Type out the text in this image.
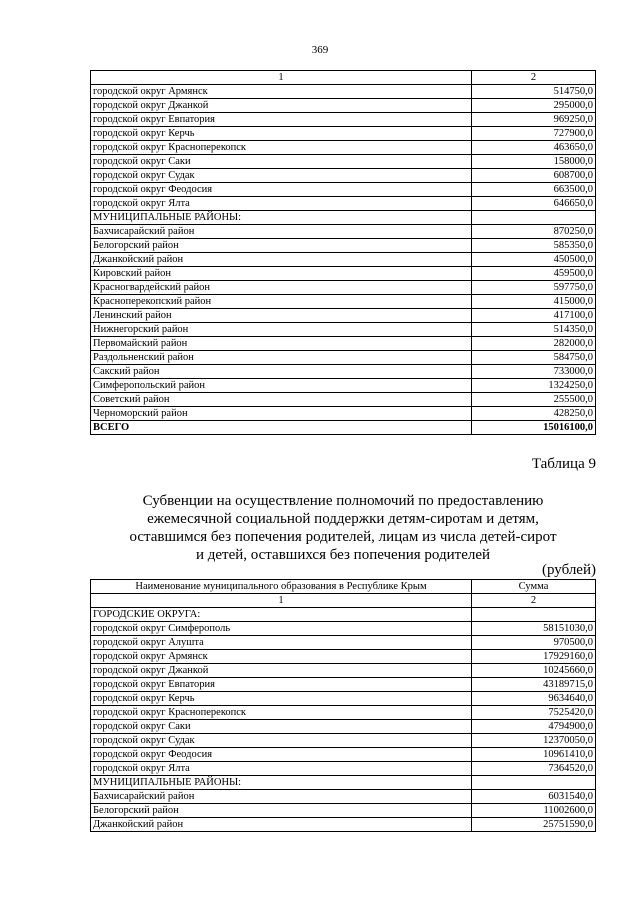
369
1	2
городской округ Армянск	514750,0
городской округ Джанкой	295000,0
городской округ Евпатория	969250,0
городской округ Керчь	727900,0
городской округ Красноперекопск	463650,0
городской округ Саки	158000,0
городской округ Судак	608700,0
городской округ Феодосия	663500,0
городской округ Ялта	646650,0
МУНИЦИПАЛЬНЫЕ РАЙОНЫ:	
Бахчисарайский район	870250,0
Белогорский район	585350,0
Джанкойский район	450500,0
Кировский район	459500,0
Красногвардейский район	597750,0
Красноперекопский район	415000,0
Ленинский район	417100,0
Нижнегорский район	514350,0
Первомайский район	282000,0
Раздольненский район	584750,0
Сакский район	733000,0
Симферопольский район	1324250,0
Советский район	255500,0
Черноморский район	428250,0
ВСЕГО	15016100,0
Таблица 9
Субвенции на осуществление полномочий по предоставлению
ежемесячной социальной поддержки детям-сиротам и детям,
оставшимся без попечения родителей, лицам из числа детей-сирот
и детей, оставшихся без попечения родителей
(рублей)
Наименование муниципального образования в Республике Крым	Сумма
1	2
ГОРОДСКИЕ ОКРУГА:	
городской округ Симферополь	58151030,0
городской округ Алушта	970500,0
городской округ Армянск	17929160,0
городской округ Джанкой	10245660,0
городской округ Евпатория	43189715,0
городской округ Керчь	9634640,0
городской округ Красноперекопск	7525420,0
городской округ Саки	4794900,0
городской округ Судак	12370050,0
городской округ Феодосия	10961410,0
городской округ Ялта	7364520,0
МУНИЦИПАЛЬНЫЕ РАЙОНЫ:	
Бахчисарайский район	6031540,0
Белогорский район	11002600,0
Джанкойский район	25751590,0
